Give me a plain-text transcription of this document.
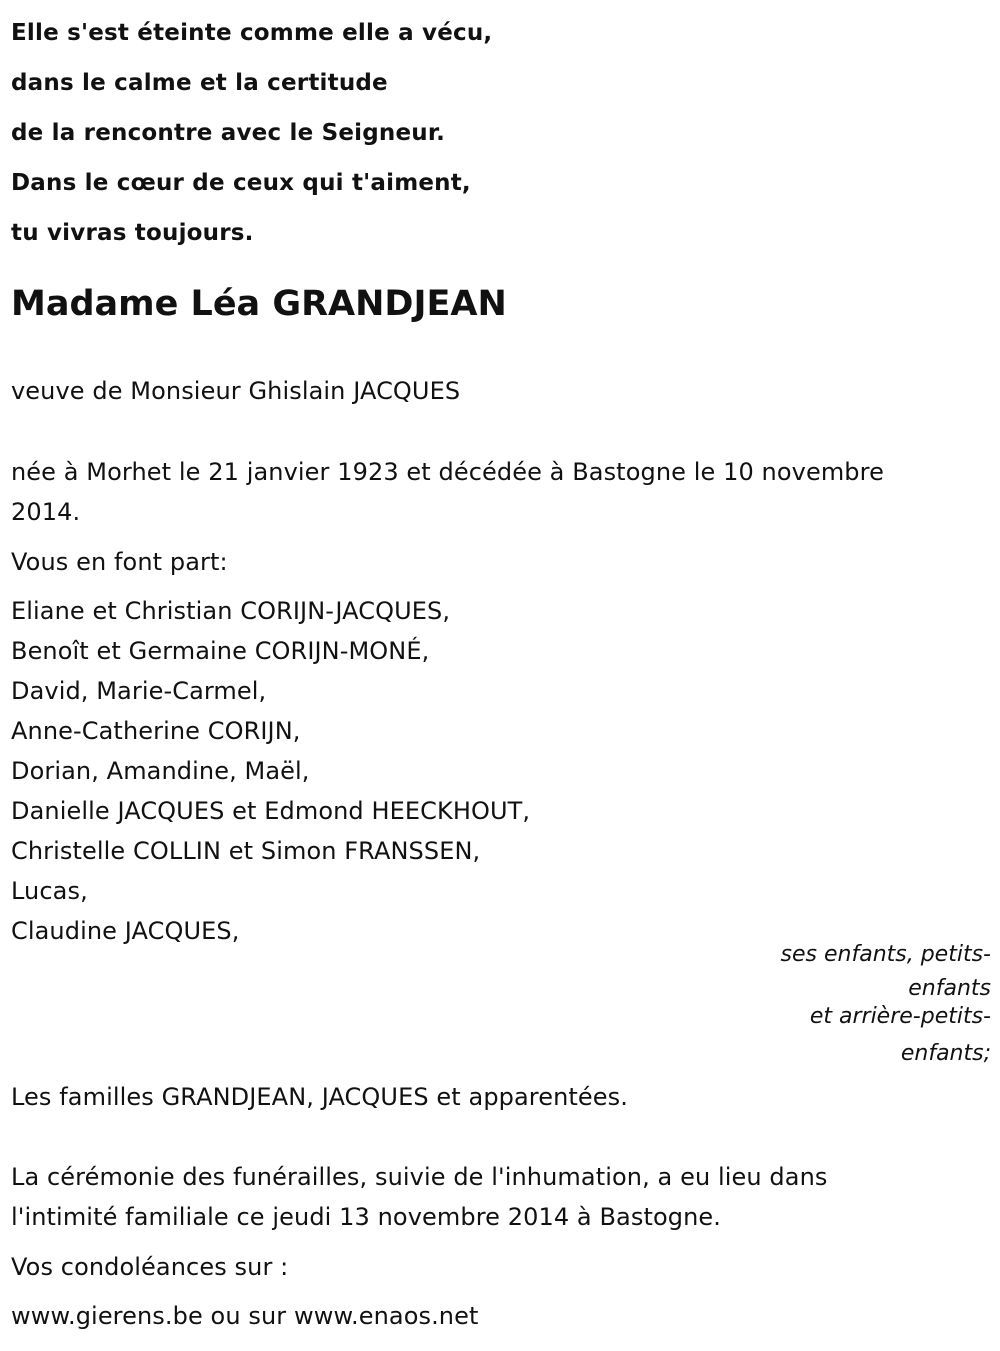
Elle s'est éteinte comme elle a vécu,
dans le calme et la certitude
de la rencontre avec le Seigneur.
Dans le cœur de ceux qui t'aiment,
tu vivras toujours.
Madame Léa GRANDJEAN
veuve de Monsieur Ghislain JACQUES
née à Morhet le 21 janvier 1923 et décédée à Bastogne le 10 novembre
2014.
Vous en font part:
Eliane et Christian CORIJN-JACQUES,
Benoît et Germaine CORIJN-MONÉ,
David, Marie-Carmel,
Anne-Catherine CORIJN,
Dorian, Amandine, Maël,
Danielle JACQUES et Edmond HEECKHOUT,
Christelle COLLIN et Simon FRANSSEN,
Lucas,
Claudine JACQUES,
ses enfants, petits-
enfants
et arrière-petits-
enfants;
Les familles GRANDJEAN, JACQUES et apparentées.
La cérémonie des funérailles, suivie de l'inhumation, a eu lieu dans
l'intimité familiale ce jeudi 13 novembre 2014 à Bastogne.
Vos condoléances sur :
www.gierens.be ou sur www.enaos.net
